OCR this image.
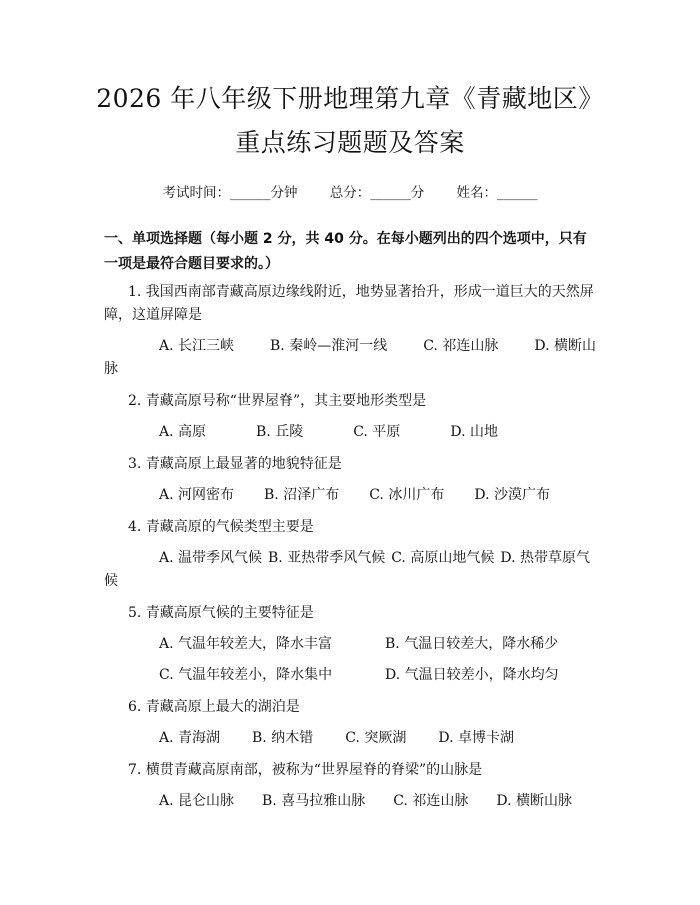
2026 年八年级下册地理第九章《青藏地区》
重点练习题题及答案
考试时间：______分钟 总分：______分 姓名：______

一、单项选择题（每小题 2 分，共 40 分。在每小题列出的四个选项中，只有一项是最符合题目要求的。）

1. 我国西南部青藏高原边缘线附近，地势显著抬升，形成一道巨大的天然屏障，这道屏障是

A. 长江三峡	B. 秦岭—淮河一线	C. 祁连山脉	D. 横断山脉

2. 青藏高原号称“世界屋脊”，其主要地形类型是

A. 高原	B. 丘陵	C. 平原	D. 山地

3. 青藏高原上最显著的地貌特征是

A. 河网密布 B. 沼泽广布 C. 冰川广布 D. 沙漠广布

4. 青藏高原的气候类型主要是

A. 温带季风气候 B. 亚热带季风气候 C. 高原山地气候 D. 热带草原气候

5. 青藏高原气候的主要特征是

A. 气温年较差大，降水丰富	B. 气温日较差大，降水稀少
C. 气温年较差小，降水集中	D. 气温日较差小，降水均匀

6. 青藏高原上最大的湖泊是

A. 青海湖 B. 纳木错 C. 突厥湖 D. 卓博卡湖

7. 横贯青藏高原南部，被称为“世界屋脊的脊梁”的山脉是

A. 昆仑山脉 B. 喜马拉雅山脉 C. 祁连山脉 D. 横断山脉
